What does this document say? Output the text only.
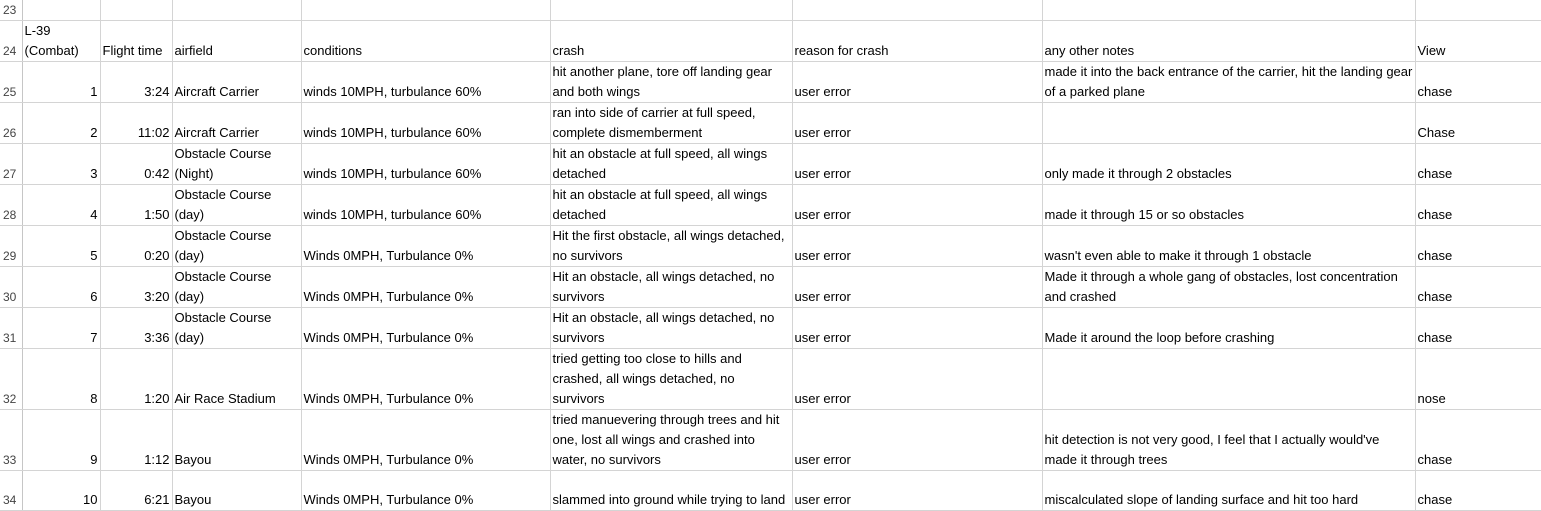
23								
24	L-39 (Combat)	Flight time	airfield	conditions	crash	reason for crash	any other notes	View
25	1	3:24	Aircraft Carrier	winds 10MPH, turbulance 60%	hit another plane, tore off landing gear and both wings	user error	made it into the back entrance of the carrier, hit the landing gear of a parked plane	chase
26	2	11:02	Aircraft Carrier	winds 10MPH, turbulance 60%	ran into side of carrier at full speed, complete dismemberment	user error		Chase
27	3	0:42	Obstacle Course (Night)	winds 10MPH, turbulance 60%	hit an obstacle at full speed, all wings detached	user error	only made it through 2 obstacles	chase
28	4	1:50	Obstacle Course (day)	winds 10MPH, turbulance 60%	hit an obstacle at full speed, all wings detached	user error	made it through 15 or so obstacles	chase
29	5	0:20	Obstacle Course (day)	Winds 0MPH, Turbulance 0%	Hit the first obstacle, all wings detached, no survivors	user error	wasn't even able to make it through 1 obstacle	chase
30	6	3:20	Obstacle Course (day)	Winds 0MPH, Turbulance 0%	Hit an obstacle, all wings detached, no survivors	user error	Made it through a whole gang of obstacles, lost concentration and crashed	chase
31	7	3:36	Obstacle Course (day)	Winds 0MPH, Turbulance 0%	Hit an obstacle, all wings detached, no survivors	user error	Made it around the loop before crashing	chase
32	8	1:20	Air Race Stadium	Winds 0MPH, Turbulance 0%	tried getting too close to hills and crashed, all wings detached, no survivors	user error		nose
33	9	1:12	Bayou	Winds 0MPH, Turbulance 0%	tried manuevering through trees and hit one, lost all wings and crashed into water, no survivors	user error	hit detection is not very good, I feel that I actually would've made it through trees	chase
34	10	6:21	Bayou	Winds 0MPH, Turbulance 0%	slammed into ground while trying to land	user error	miscalculated slope of landing surface and hit too hard	chase
